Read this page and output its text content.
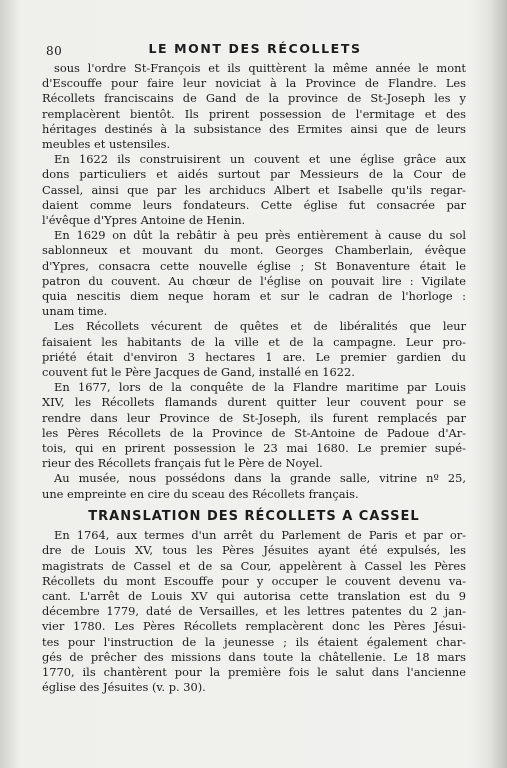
80	LE MONT DES RÉCOLLETS

sous l'ordre St-François et ils quittèrent la même année le mont
d'Escouffe pour faire leur noviciat à la Province de Flandre. Les
Récollets franciscains de Gand de la province de St-Joseph les y
remplacèrent bientôt. Ils prirent possession de l'ermitage et des
héritages destinés à la subsistance des Ermites ainsi que de leurs
meubles et ustensiles.

En 1622 ils construisirent un couvent et une église grâce aux
dons particuliers et aidés surtout par Messieurs de la Cour de
Cassel, ainsi que par les archiducs Albert et Isabelle qu'ils regar-
daient comme leurs fondateurs. Cette église fut consacrée par
l'évêque d'Ypres Antoine de Henin.

En 1629 on dût la rebâtir à peu près entièrement à cause du sol
sablonneux et mouvant du mont. Georges Chamberlain, évêque
d'Ypres, consacra cette nouvelle église ; St Bonaventure était le
patron du couvent. Au chœur de l'église on pouvait lire : Vigilate
quia nescitis diem neque horam et sur le cadran de l'horloge :
unam time.

Les Récollets vécurent de quêtes et de libéralités que leur
faisaient les habitants de la ville et de la campagne. Leur pro-
priété était d'environ 3 hectares 1 are. Le premier gardien du
couvent fut le Père Jacques de Gand, installé en 1622.

En 1677, lors de la conquête de la Flandre maritime par Louis
XIV, les Récollets flamands durent quitter leur couvent pour se
rendre dans leur Province de St-Joseph, ils furent remplacés par
les Pères Récollets de la Province de St-Antoine de Padoue d'Ar-
tois, qui en prirent possession le 23 mai 1680. Le premier supé-
rieur des Récollets français fut le Père de Noyel.

Au musée, nous possédons dans la grande salle, vitrine nº 25,
une empreinte en cire du sceau des Récollets français.

TRANSLATION DES RÉCOLLETS A CASSEL

En 1764, aux termes d'un arrêt du Parlement de Paris et par or-
dre de Louis XV, tous les Pères Jésuites ayant été expulsés, les
magistrats de Cassel et de sa Cour, appelèrent à Cassel les Pères
Récollets du mont Escouffe pour y occuper le couvent devenu va-
cant. L'arrêt de Louis XV qui autorisa cette translation est du 9
décembre 1779, daté de Versailles, et les lettres patentes du 2 jan-
vier 1780. Les Pères Récollets remplacèrent donc les Pères Jésui-
tes pour l'instruction de la jeunesse ; ils étaient également char-
gés de prêcher des missions dans toute la châtellenie. Le 18 mars
1770, ils chantèrent pour la première fois le salut dans l'ancienne
église des Jésuites (v. p. 30).
